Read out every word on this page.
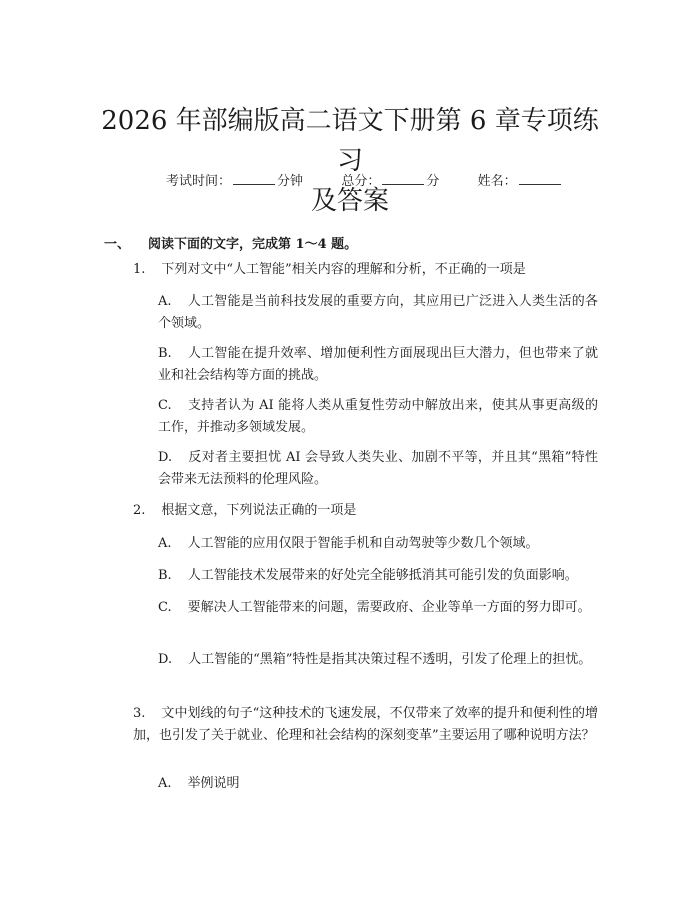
2026 年部编版高二语文下册第 6 章专项练习
及答案
考试时间：	分钟	总分：	分	姓名：
一、 阅读下面的文字，完成第 1～4 题。
1. 下列对文中“人工智能”相关内容的理解和分析，不正确的一项是
A. 人工智能是当前科技发展的重要方向，其应用已广泛进入人类生活的各个领域。
B. 人工智能在提升效率、增加便利性方面展现出巨大潜力，但也带来了就业和社会结构等方面的挑战。
C. 支持者认为 AI 能将人类从重复性劳动中解放出来，使其从事更高级的工作，并推动多领域发展。
D. 反对者主要担忧 AI 会导致人类失业、加剧不平等，并且其“黑箱”特性会带来无法预料的伦理风险。
2. 根据文意，下列说法正确的一项是
A. 人工智能的应用仅限于智能手机和自动驾驶等少数几个领域。
B. 人工智能技术发展带来的好处完全能够抵消其可能引发的负面影响。
C. 要解决人工智能带来的问题，需要政府、企业等单一方面的努力即可。
D. 人工智能的“黑箱”特性是指其决策过程不透明，引发了伦理上的担忧。
3. 文中划线的句子“这种技术的飞速发展，不仅带来了效率的提升和便利性的增加，也引发了关于就业、伦理和社会结构的深刻变革”主要运用了哪种说明方法？
A. 举例说明
